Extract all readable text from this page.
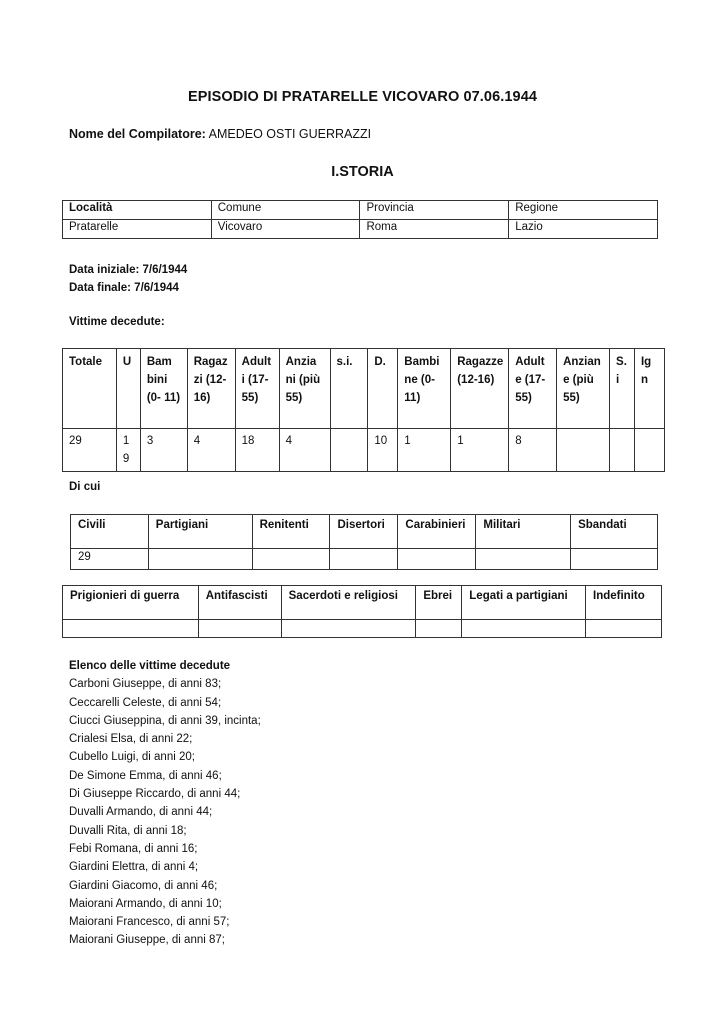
EPISODIO DI PRATARELLE VICOVARO 07.06.1944
Nome del Compilatore: AMEDEO OSTI GUERRAZZI
I.STORIA
Località	Comune	Provincia	Regione
Pratarelle	Vicovaro	Roma	Lazio
Data iniziale: 7/6/1944
Data finale: 7/6/1944
Vittime decedute:
Totale	U	Bam bini (0- 11)	Ragaz zi (12- 16)	Adult i (17- 55)	Anzia ni (più 55)	s.i.	D.	Bambi ne (0- 11)	Ragazze (12-16)	Adult e (17- 55)	Anzian e (più 55)	S. i	Ig n
29	1 9	3	4	18	4		10	1	1	8			
Di cui
Civili	Partigiani	Renitenti	Disertori	Carabinieri	Militari	Sbandati
29						
Prigionieri di guerra	Antifascisti	Sacerdoti e religiosi	Ebrei	Legati a partigiani	Indefinito

Elenco delle vittime decedute
Carboni Giuseppe, di anni 83;
Ceccarelli Celeste, di anni 54;
Ciucci Giuseppina, di anni 39, incinta;
Crialesi Elsa, di anni 22;
Cubello Luigi, di anni 20;
De Simone Emma, di anni 46;
Di Giuseppe Riccardo, di anni 44;
Duvalli Armando, di anni 44;
Duvalli Rita, di anni 18;
Febi Romana, di anni 16;
Giardini Elettra, di anni 4;
Giardini Giacomo, di anni 46;
Maiorani Armando, di anni 10;
Maiorani Francesco, di anni 57;
Maiorani Giuseppe, di anni 87;
